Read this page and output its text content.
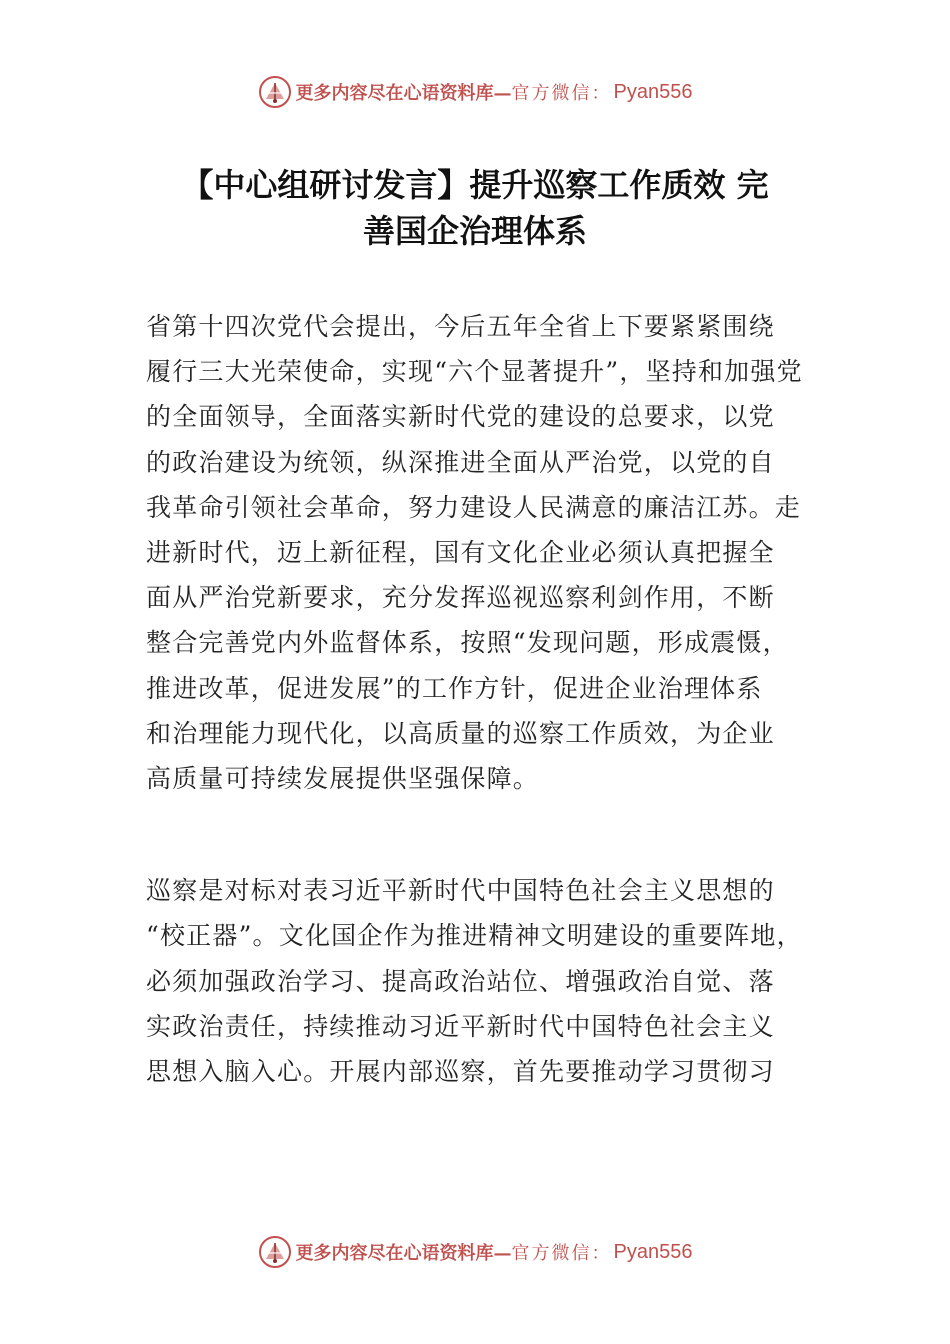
更多内容尽在心语资料库— 官方微信： Pyan556
【中心组研讨发言】提升巡察工作质效 完
善国企治理体系
省第十四次党代会提出，今后五年全省上下要紧紧围绕
履行三大光荣使命，实现“六个显著提升”，坚持和加强党
的全面领导，全面落实新时代党的建设的总要求，以党
的政治建设为统领，纵深推进全面从严治党，以党的自
我革命引领社会革命，努力建设人民满意的廉洁江苏。走
进新时代，迈上新征程，国有文化企业必须认真把握全
面从严治党新要求，充分发挥巡视巡察利剑作用，不断
整合完善党内外监督体系，按照“发现问题，形成震慑，
推进改革，促进发展”的工作方针，促进企业治理体系
和治理能力现代化，以高质量的巡察工作质效，为企业
高质量可持续发展提供坚强保障。
巡察是对标对表习近平新时代中国特色社会主义思想的
“校正器”。文化国企作为推进精神文明建设的重要阵地，
必须加强政治学习、提高政治站位、增强政治自觉、落
实政治责任，持续推动习近平新时代中国特色社会主义
思想入脑入心。开展内部巡察，首先要推动学习贯彻习
更多内容尽在心语资料库— 官方微信： Pyan556
